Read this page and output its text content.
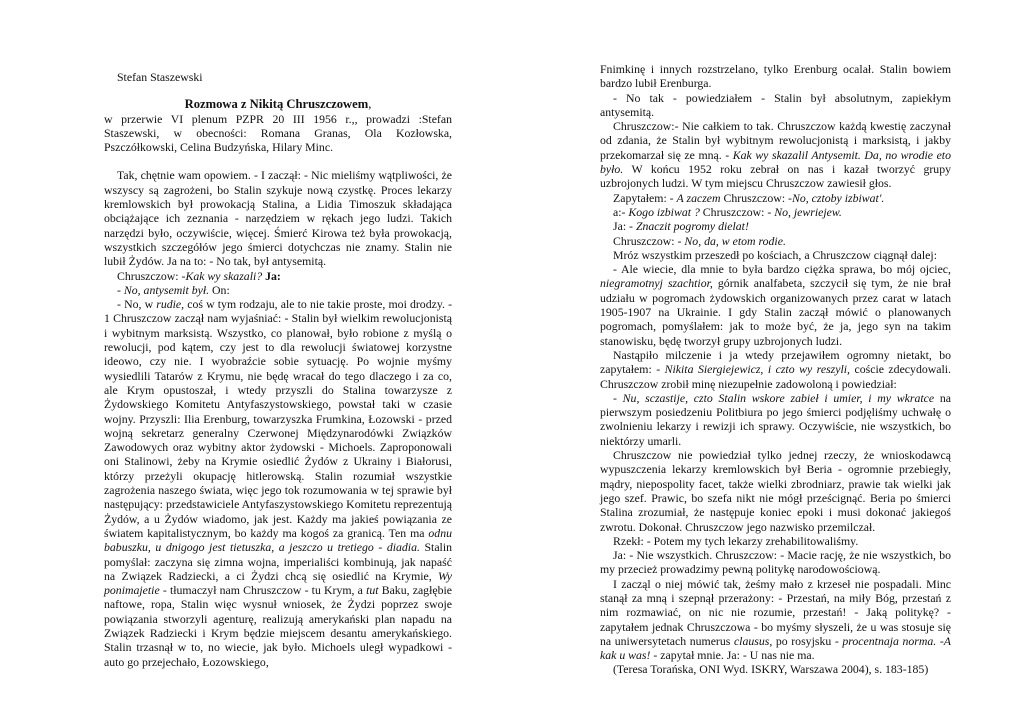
Stefan Staszewski
Rozmowa z Nikitą Chruszczowem,

w przerwie VI plenum PZPR 20 III 1956 r.,, prowadzi :Stefan Staszewski, w obecności: Romana Granas, Ola Kozłowska, Pszczółkowski, Celina Budzyńska, Hilary Minc.

Tak, chętnie wam opowiem. - I zaczął: - Nic mieliśmy wątpliwości, że wszyscy są zagrożeni, bo Stalin szykuje nową czystkę. Proces lekarzy kremlowskich był prowokacją Stalina, a Lidia Timoszuk składająca obciążające ich zeznania - narzędziem w rękach jego ludzi. Takich narzędzi było, oczywiście, więcej. Śmierć Kirowa też była prowokacją, wszystkich szczegółów jego śmierci dotychczas nie znamy. Stalin nie lubił Żydów. Ja na to: - No tak, był antysemitą.

Chruszczow: -Kak wy skazali? Ja:

- No, antysemit był. On:

- No, w rudie, coś w tym rodzaju, ale to nie takie proste, moi drodzy. - 1 Chruszczow zaczął nam wyjaśniać: - Stalin był wielkim rewolucjonistą i wybitnym marksistą. Wszystko, co planował, było robione z myślą o rewolucji, pod kątem, czy jest to dla rewolucji światowej korzystne ideowo, czy nie. I wyobraźcie sobie sytuację. Po wojnie myśmy wysiedlili Tatarów z Krymu, nie będę wracał do tego dlaczego i za co, ale Krym opustoszał, i wtedy przyszli do Stalina towarzysze z Żydowskiego Komitetu Antyfaszystowskiego, powstał taki w czasie wojny. Przyszli: Ilia Erenburg, towarzyszka Frumkina, Łozowski - przed wojną sekretarz generalny Czerwonej Międzynarodówki Związków Zawodowych oraz wybitny aktor żydowski - Michoels. Zaproponowali oni Stalinowi, żeby na Krymie osiedlić Żydów z Ukrainy i Białorusi, którzy przeżyli okupację hitlerowską. Stalin rozumiał wszystkie zagrożenia naszego świata, więc jego tok rozumowania w tej sprawie był następujący: przedstawiciele Antyfaszystowskiego Komitetu reprezentują Żydów, a u Żydów wiadomo, jak jest. Każdy ma jakieś powiązania ze światem kapitalistycznym, bo każdy ma kogoś za granicą. Ten ma odnu babuszku, u dnigogo jest tietuszka, a jeszczo u tretiego - diadia. Stalin pomyślał: zaczyna się zimna wojna, imperialiści kombinują, jak napaść na Związek Radziecki, a ci Żydzi chcą się osiedlić na Krymie, Wy ponimajetie - tłumaczył nam Chruszczow - tu Krym, a tut Baku, zagłębie naftowe, ropa, Stalin więc wysnuł wniosek, że Żydzi poprzez swoje powiązania stworzyli agenturę, realizują amerykański plan napadu na Związek Radziecki i Krym będzie miejscem desantu amerykańskiego. Stalin trzasnął w to, no wiecie, jak było. Michoels uległ wypadkowi - auto go przejechało, Łozowskiego,

Fnimkinę i innych rozstrzelano, tylko Erenburg ocalał. Stalin bowiem bardzo lubił Erenburga.

- No tak - powiedziałem - Stalin był absolutnym, zapiekłym antysemitą.

Chruszczow:- Nie całkiem to tak. Chruszczow każdą kwestię zaczynał od zdania, że Stalin był wybitnym rewolucjonistą i marksistą, i jakby przekomarzał się ze mną. - Kak wy skazalil Antysemit. Da, no wrodie eto było. W końcu 1952 roku zebrał on nas i kazał tworzyć grupy uzbrojonych ludzi. W tym miejscu Chruszczow zawiesił głos.

Zapytałem: - A zaczem Chruszczow: -No, cztoby izbiwat'.

a:- Kogo izbiwat ? Chruszczow: - No, jewriejew.

Ja: - Znaczit pogromy dielat!

Chruszczow: - No, da, w etom rodie.

Mróz wszystkim przeszedł po kościach, a Chruszczow ciągnął dalej:

- Ale wiecie, dla mnie to była bardzo ciężka sprawa, bo mój ojciec, niegramotnyj szachtior, górnik analfabeta, szczycił się tym, że nie brał udziału w pogromach żydowskich organizowanych przez carat w latach 1905-1907 na Ukrainie. I gdy Stalin zaczął mówić o planowanych pogromach, pomyślałem: jak to może być, że ja, jego syn na takim stanowisku, będę tworzył grupy uzbrojonych ludzi.

Nastąpiło milczenie i ja wtedy przejawiłem ogromny nietakt, bo zapytałem: - Nikita Siergiejewicz, i czto wy reszyli, coście zdecydowali. Chruszczow zrobił minę niezupełnie zadowoloną i powiedział:

- Nu, sczastije, czto Stalin wskore zabieł i umier, i my wkratce na pierwszym posiedzeniu Politbiura po jego śmierci podjęliśmy uchwałę o zwolnieniu lekarzy i rewizji ich sprawy. Oczywiście, nie wszystkich, bo niektórzy umarli.

Chruszczow nie powiedział tylko jednej rzeczy, że wnioskodawcą wypuszczenia lekarzy kremlowskich był Beria - ogromnie przebiegły, mądry, niepospolity facet, także wielki zbrodniarz, prawie tak wielki jak jego szef. Prawic, bo szefa nikt nie mógł prześcignąć. Beria po śmierci Stalina zrozumiał, że następuje koniec epoki i musi dokonać jakiegoś zwrotu. Dokonał. Chruszczow jego nazwisko przemilczał.

Rzekł: - Potem my tych lekarzy zrehabilitowaliśmy.

Ja: - Nie wszystkich. Chruszczow: - Macie rację, że nie wszystkich, bo my przecież prowadzimy pewną politykę narodowościową.

I zacząl o niej mówić tak, żeśmy mało z krzeseł nie pospadali. Minc stanął za mną i szepnął przerażony: - Przestań, na miły Bóg, przestań z nim rozmawiać, on nic nie rozumie, przestań! - Jaką politykę? - zapytałem jednak Chruszczowa - bo myśmy słyszeli, że u was stosuje się na uniwersytetach numerus clausus, po rosyjsku - procentnaja norma. -A kak u was! - zapytał mnie. Ja: - U nas nie ma.

(Teresa Torańska, ONI Wyd. ISKRY, Warszawa 2004), s. 183-185)
